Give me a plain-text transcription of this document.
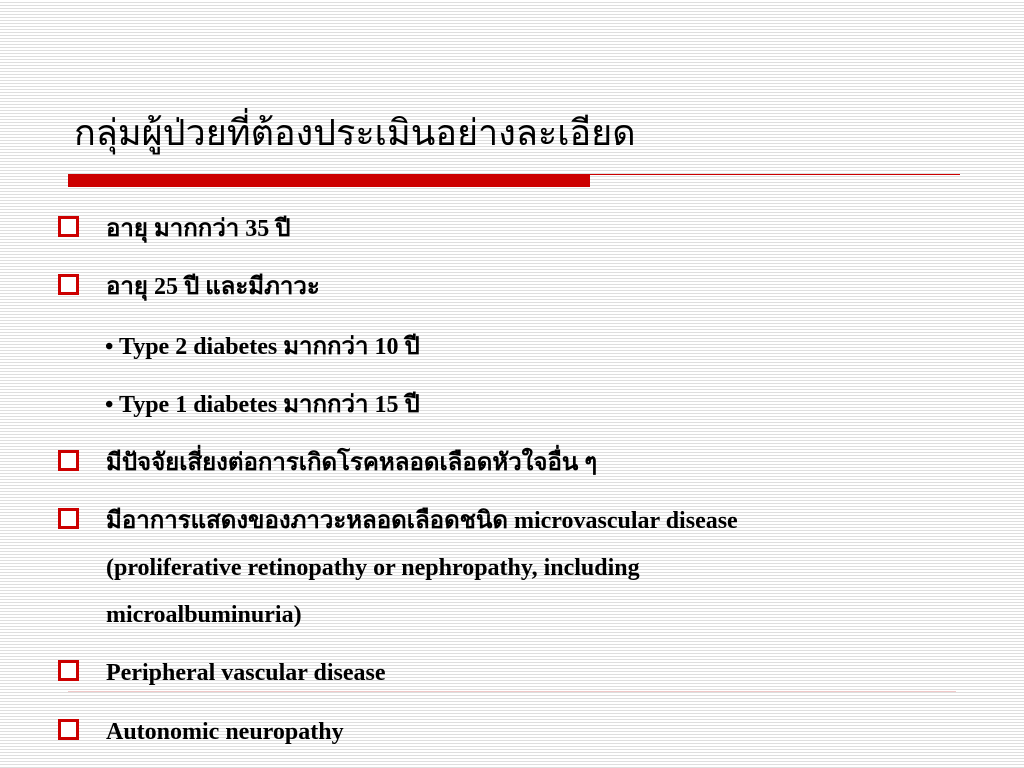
กลุ่มผู้ป่วยที่ต้องประเมินอย่างละเอียด
อายุ มากกว่า 35 ปี
อายุ 25 ปี และมีภาวะ
• Type 2 diabetes มากกว่า 10 ปี
• Type 1 diabetes มากกว่า 15 ปี
มีปัจจัยเสี่ยงต่อการเกิดโรคหลอดเลือดหัวใจอื่น ๆ
มีอาการแสดงของภาวะหลอดเลือดชนิด microvascular disease
(proliferative retinopathy or nephropathy, including
microalbuminuria)
Peripheral vascular disease
Autonomic neuropathy
